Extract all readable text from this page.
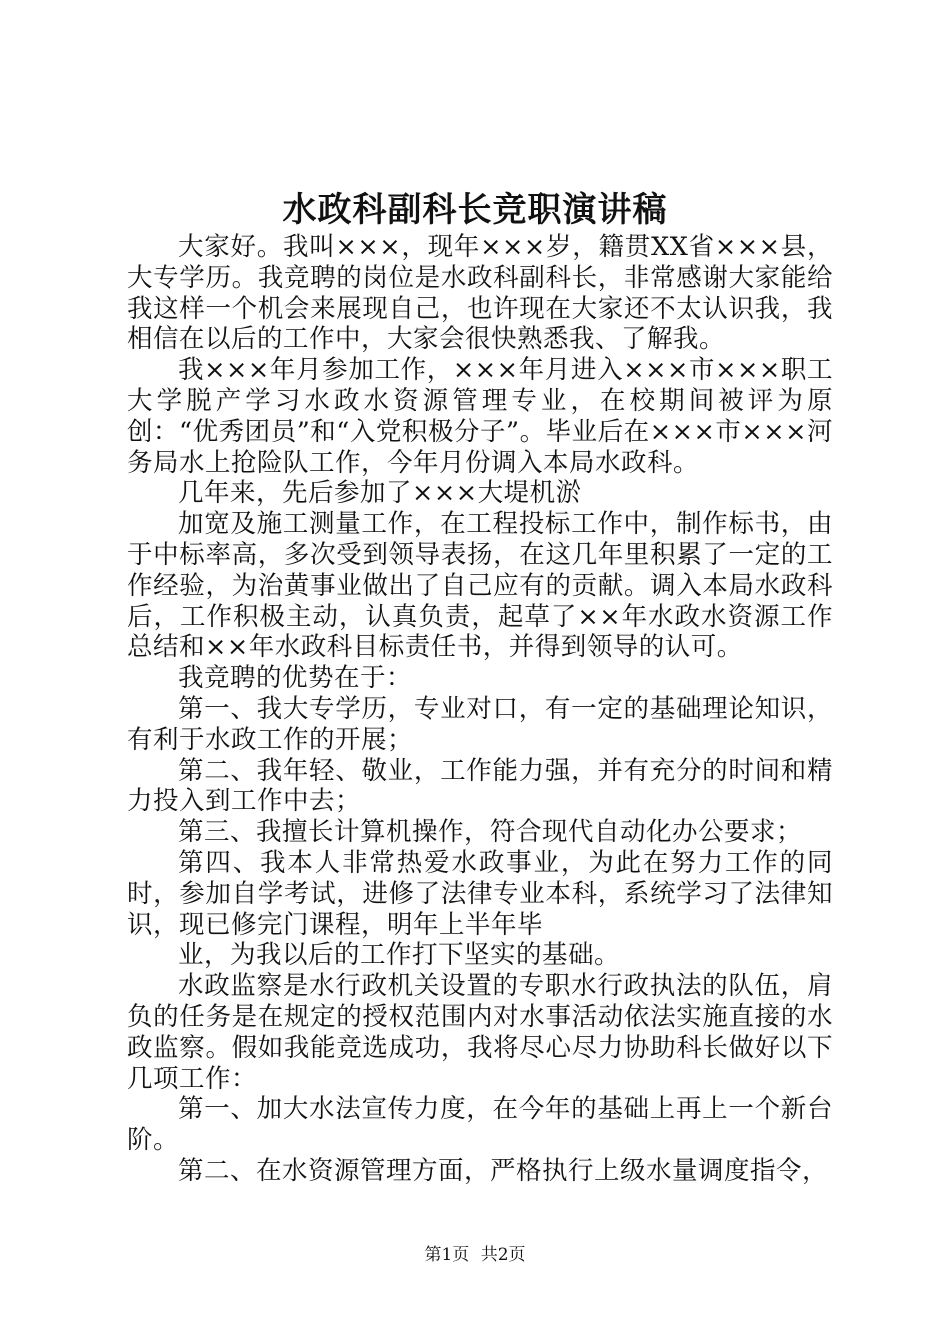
水政科副科长竞职演讲稿

大家好。我叫×××，现年×××岁，籍贯XX省×××县，大专学历。我竞聘的岗位是水政科副科长，非常感谢大家能给我这样一个机会来展现自己，也许现在大家还不太认识我，我相信在以后的工作中，大家会很快熟悉我、了解我。

我×××年月参加工作，×××年月进入×××市×××职工大学脱产学习水政水资源管理专业，在校期间被评为原创：“优秀团员”和“入党积极分子”。毕业后在×××市×××河务局水上抢险队工作，今年月份调入本局水政科。

几年来，先后参加了×××大堤机淤

加宽及施工测量工作，在工程投标工作中，制作标书，由于中标率高，多次受到领导表扬，在这几年里积累了一定的工作经验，为治黄事业做出了自己应有的贡献。调入本局水政科后，工作积极主动，认真负责，起草了××年水政水资源工作总结和××年水政科目标责任书，并得到领导的认可。

我竞聘的优势在于：

第一、我大专学历，专业对口，有一定的基础理论知识，有利于水政工作的开展；

第二、我年轻、敬业，工作能力强，并有充分的时间和精力投入到工作中去；

第三、我擅长计算机操作，符合现代自动化办公要求；

第四、我本人非常热爱水政事业，为此在努力工作的同时，参加自学考试，进修了法律专业本科，系统学习了法律知识，现已修完门课程，明年上半年毕

业，为我以后的工作打下坚实的基础。

水政监察是水行政机关设置的专职水行政执法的队伍，肩负的任务是在规定的授权范围内对水事活动依法实施直接的水政监察。假如我能竞选成功，我将尽心尽力协助科长做好以下几项工作：

第一、加大水法宣传力度，在今年的基础上再上一个新台阶。

第二、在水资源管理方面，严格执行上级水量调度指令，

第1页 共2页
